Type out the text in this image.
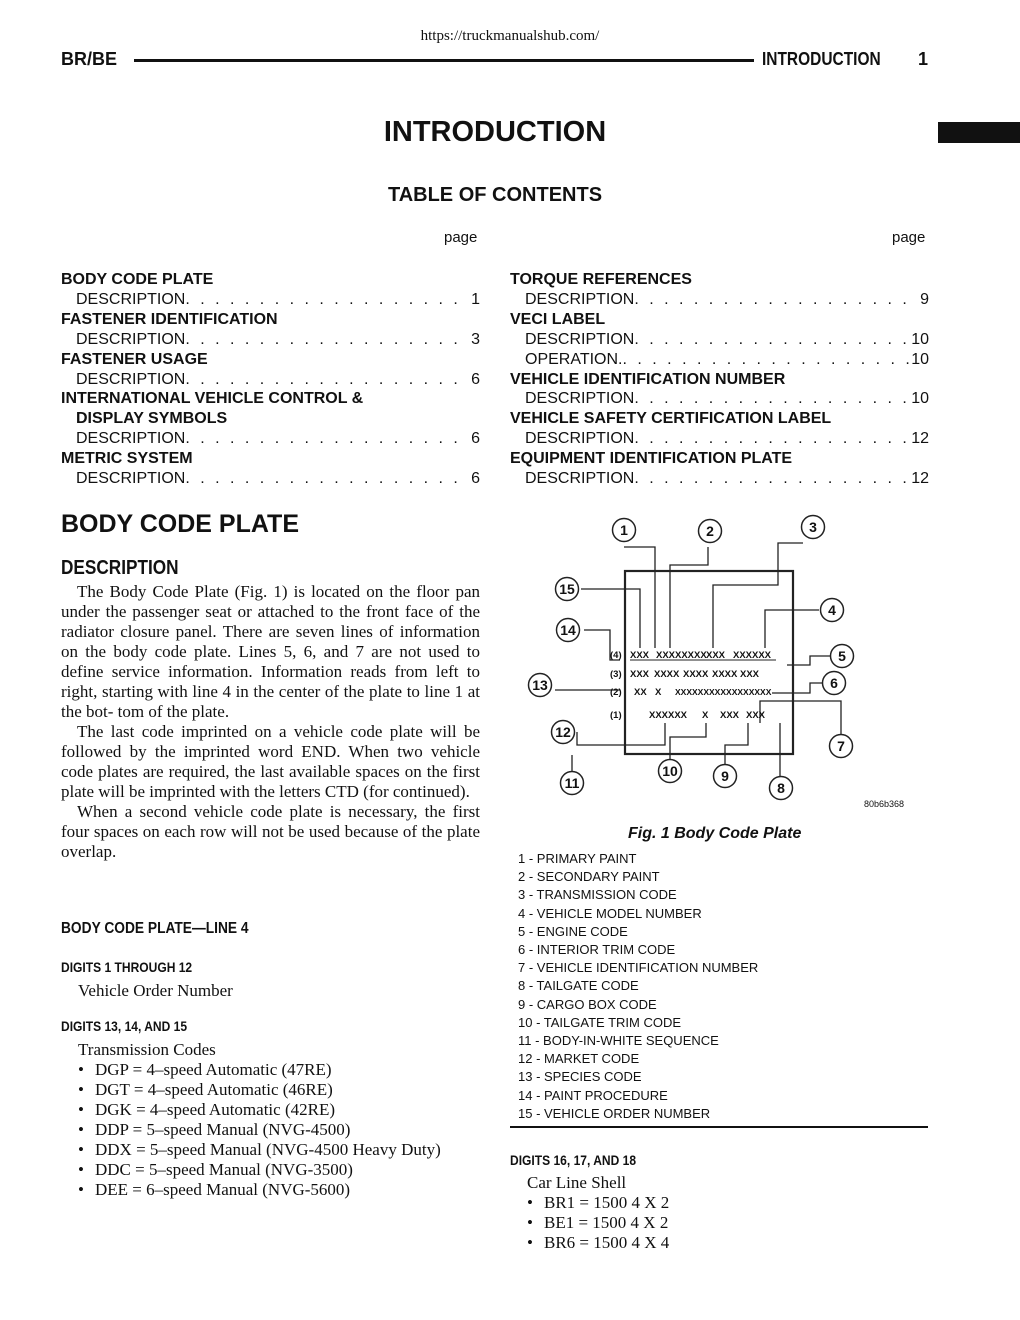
https://truckmanualshub.com/
BR/BE	INTRODUCTION 1
INTRODUCTION
TABLE OF CONTENTS
page	page
BODY CODE PLATE
DESCRIPTION . . .	1
FASTENER IDENTIFICATION
DESCRIPTION . . .	3
FASTENER USAGE
DESCRIPTION . . .	6
INTERNATIONAL VEHICLE CONTROL &
DISPLAY SYMBOLS
DESCRIPTION . . .	6
METRIC SYSTEM
DESCRIPTION . . .	6
TORQUE REFERENCES
DESCRIPTION . . .	9
VECI LABEL
DESCRIPTION . . .	10
OPERATION. . . .	10
VEHICLE IDENTIFICATION NUMBER
DESCRIPTION . . .	10
VEHICLE SAFETY CERTIFICATION LABEL
DESCRIPTION . . .	12
EQUIPMENT IDENTIFICATION PLATE
DESCRIPTION . . .	12
BODY CODE PLATE
DESCRIPTION

The Body Code Plate (Fig. 1) is located on the floor pan under the passenger seat or attached to the front face of the radiator closure panel. There are seven lines of information on the body code plate. Lines 5, 6, and 7 are not used to define service information. Information reads from left to right, starting with line 4 in the center of the plate to line 1 at the bot- tom of the plate.

The last code imprinted on a vehicle code plate will be followed by the imprinted word END. When two vehicle code plates are required, the last available spaces on the first plate will be imprinted with the letters CTD (for continued).

When a second vehicle code plate is necessary, the first four spaces on each row will not be used because of the plate overlap.

BODY CODE PLATE—LINE 4
DIGITS 1 THROUGH 12
Vehicle Order Number
DIGITS 13, 14, AND 15
Transmission Codes
• DGP = 4–speed Automatic (47RE)
• DGT = 4–speed Automatic (46RE)
• DGK = 4–speed Automatic (42RE)
• DDP = 5–speed Manual (NVG-4500)
• DDX = 5–speed Manual (NVG-4500 Heavy Duty)
• DDC = 5–speed Manual (NVG-3500)
• DEE = 6–speed Manual (NVG-5600)
1	2	3
4
5
6
7
8
9
10
11
12
13
14
15
(4) XXX XXXXXXXX XXX XXXXXX
(3) XXX XXXX XXXX XXXX XXX
(2) XX X XXXXXXXXXXXXXXXXX
(1)	XXXXXX X XXX XXX
80b6b368
Fig. 1 Body Code Plate
1 - PRIMARY PAINT
2 - SECONDARY PAINT
3 - TRANSMISSION CODE
4 - VEHICLE MODEL NUMBER
5 - ENGINE CODE
6 - INTERIOR TRIM CODE
7 - VEHICLE IDENTIFICATION NUMBER
8 - TAILGATE CODE
9 - CARGO BOX CODE
10 - TAILGATE TRIM CODE
11 - BODY-IN-WHITE SEQUENCE
12 - MARKET CODE
13 - SPECIES CODE
14 - PAINT PROCEDURE
15 - VEHICLE ORDER NUMBER
DIGITS 16, 17, AND 18
Car Line Shell
• BR1 = 1500 4 X 2
• BE1 = 1500 4 X 2
• BR6 = 1500 4 X 4
